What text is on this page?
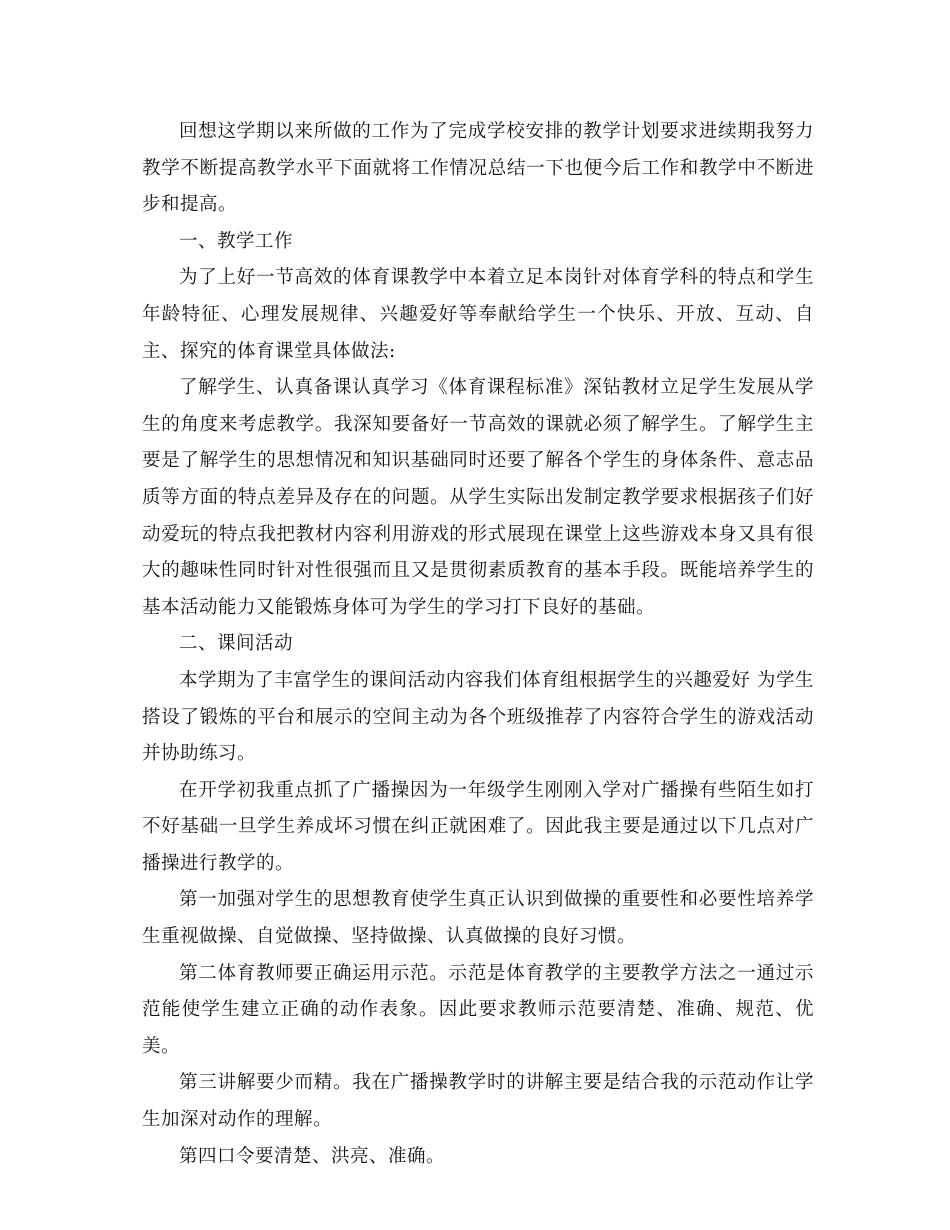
回想这学期以来所做的工作为了完成学校安排的教学计划要求进续期我努力教学不断提高教学水平下面就将工作情况总结一下也便今后工作和教学中不断进步和提高。

一、教学工作

为了上好一节高效的体育课教学中本着立足本岗针对体育学科的特点和学生年龄特征、心理发展规律、兴趣爱好等奉献给学生一个快乐、开放、互动、自主、探究的体育课堂具体做法:

了解学生、认真备课认真学习《体育课程标准》深钻教材立足学生发展从学生的角度来考虑教学。我深知要备好一节高效的课就必须了解学生。了解学生主要是了解学生的思想情况和知识基础同时还要了解各个学生的身体条件、意志品质等方面的特点差异及存在的问题。从学生实际出发制定教学要求根据孩子们好动爱玩的特点我把教材内容利用游戏的形式展现在课堂上这些游戏本身又具有很大的趣味性同时针对性很强而且又是贯彻素质教育的基本手段。既能培养学生的基本活动能力又能锻炼身体可为学生的学习打下良好的基础。

二、课间活动

本学期为了丰富学生的课间活动内容我们体育组根据学生的兴趣爱好 为学生搭设了锻炼的平台和展示的空间主动为各个班级推荐了内容符合学生的游戏活动并协助练习。

在开学初我重点抓了广播操因为一年级学生刚刚入学对广播操有些陌生如打不好基础一旦学生养成坏习惯在纠正就困难了。因此我主要是通过以下几点对广播操进行教学的。

第一加强对学生的思想教育使学生真正认识到做操的重要性和必要性培养学生重视做操、自觉做操、坚持做操、认真做操的良好习惯。

第二体育教师要正确运用示范。示范是体育教学的主要教学方法之一通过示范能使学生建立正确的动作表象。因此要求教师示范要清楚、准确、规范、优美。

第三讲解要少而精。我在广播操教学时的讲解主要是结合我的示范动作让学生加深对动作的理解。

第四口令要清楚、洪亮、准确。
